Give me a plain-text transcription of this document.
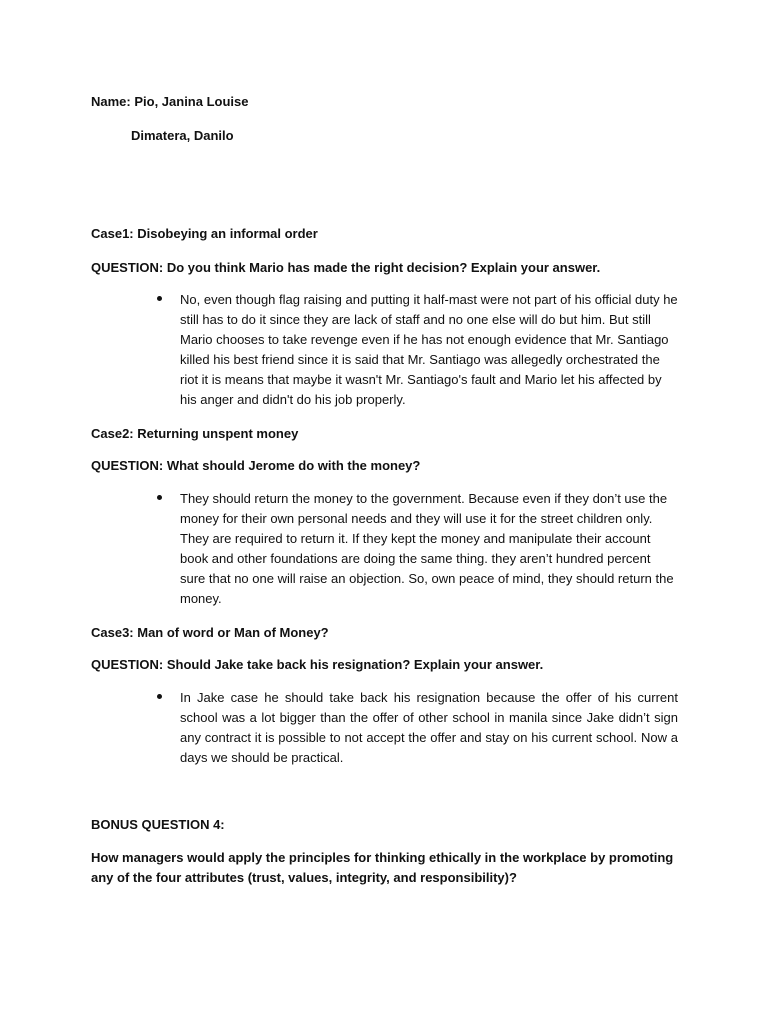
Name: Pio, Janina Louise
Dimatera, Danilo
Case1: Disobeying an informal order
QUESTION: Do you think Mario has made the right decision? Explain your answer.
No, even though flag raising and putting it half-mast were not part of his official duty he still has to do it since they are lack of staff and no one else will do but him. But still Mario chooses to take revenge even if he has not enough evidence that Mr. Santiago killed his best friend since it is said that Mr. Santiago was allegedly orchestrated the riot it is means that maybe it wasn't Mr. Santiago's fault and Mario let his affected by his anger and didn't do his job properly.
Case2: Returning unspent money
QUESTION: What should Jerome do with the money?
They should return the money to the government. Because even if they don’t use the money for their own personal needs and they will use it for the street children only. They are required to return it. If they kept the money and manipulate their account book and other foundations are doing the same thing. they aren’t hundred percent sure that no one will raise an objection. So, own peace of mind, they should return the money.
Case3: Man of word or Man of Money?
QUESTION: Should Jake take back his resignation? Explain your answer.
In Jake case he should take back his resignation because the offer of his current school was a lot bigger than the offer of other school in manila since Jake didn’t sign any contract it is possible to not accept the offer and stay on his current school. Now a days we should be practical.
BONUS QUESTION 4:
How managers would apply the principles for thinking ethically in the workplace by promoting any of the four attributes (trust, values, integrity, and responsibility)?
